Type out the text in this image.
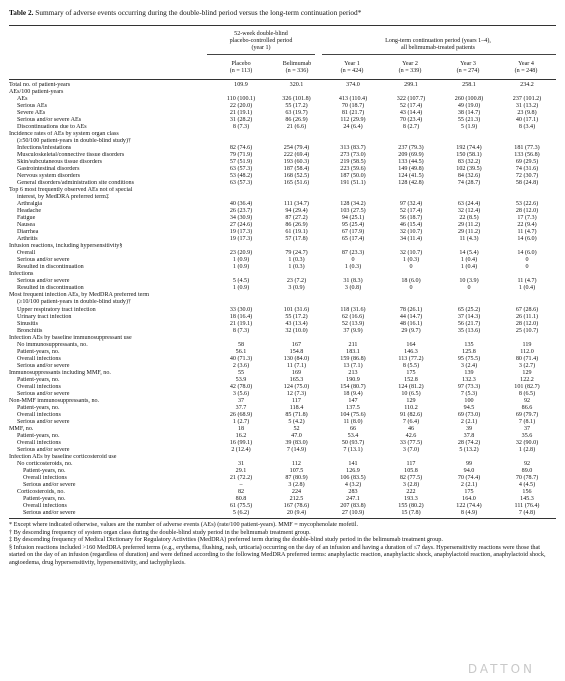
Table 2. Summary of adverse events occurring during the double-blind period versus the long-term continuation period*
52-week double-blind
placebo-controlled period
(year 1)
Long-term continuation period (years 1–4),
all belimumab-treated patients
Placebo
(n = 113)
Belimumab
(n = 336)
Year 1
(n = 424)
Year 2
(n = 339)
Year 3
(n = 274)
Year 4
(n = 248)
Total no. of patient-years	109.9	320.1	374.0	299.1	258.1	234.2
AEs/100 patient-years						
AEs	110 (100.1)	326 (101.8)	413 (110.4)	322 (107.7)	260 (100.8)	237 (101.2)
Serious AEs	22 (20.0)	55 (17.2)	70 (18.7)	52 (17.4)	49 (19.0)	31 (13.2)
Severe AEs	21 (19.1)	63 (19.7)	81 (21.7)	43 (14.4)	38 (14.7)	23 (9.8)
Serious and/or severe AEs	31 (28.2)	86 (26.9)	112 (29.9)	70 (23.4)	55 (21.3)	40 (17.1)
Discontinuations due to AEs	8 (7.3)	21 (6.6)	24 (6.4)	8 (2.7)	5 (1.9)	8 (3.4)
Incidence rates of AEs by system organ class						
(≥50/100 patient-years in double-blind study)†						
Infections/infestations	82 (74.6)	254 (79.4)	313 (83.7)	237 (79.3)	192 (74.4)	181 (77.3)
Musculoskeletal/connective tissue disorders	79 (71.9)	222 (69.4)	273 (73.0)	209 (69.9)	150 (58.1)	133 (56.8)
Skin/subcutaneous tissue disorders	57 (51.9)	193 (60.3)	219 (58.5)	133 (44.5)	83 (32.2)	69 (29.5)
Gastrointestinal disorders	63 (57.3)	187 (58.4)	223 (59.6)	149 (49.8)	102 (39.5)	74 (31.6)
Nervous system disorders	53 (48.2)	168 (52.5)	187 (50.0)	124 (41.5)	84 (32.6)	72 (30.7)
General disorders/administration site conditions	63 (57.3)	165 (51.6)	191 (51.1)	128 (42.8)	74 (28.7)	58 (24.8)
Top 6 most frequently observed AEs not of special						
interest, by MedDRA preferred term‡						
Arthralgia	40 (36.4)	111 (34.7)	128 (34.2)	97 (32.4)	63 (24.4)	53 (22.6)
Headache	26 (23.7)	94 (29.4)	103 (27.5)	52 (17.4)	32 (12.4)	28 (12.0)
Fatigue	34 (30.9)	87 (27.2)	94 (25.1)	56 (18.7)	22 (8.5)	17 (7.3)
Nausea	27 (24.6)	86 (26.9)	95 (25.4)	46 (15.4)	29 (11.2)	22 (9.4)
Diarrhea	19 (17.3)	61 (19.1)	67 (17.9)	32 (10.7)	29 (11.2)	11 (4.7)
Arthritis	19 (17.3)	57 (17.8)	65 (17.4)	34 (11.4)	11 (4.3)	14 (6.0)
Infusion reactions, including hypersensitivity§						
Overall	23 (20.9)	79 (24.7)	87 (23.3)	32 (10.7)	14 (5.4)	14 (6.0)
Serious and/or severe	1 (0.9)	1 (0.3)	0	1 (0.3)	1 (0.4)	0
Resulted in discontinuation	1 (0.9)	1 (0.3)	1 (0.3)	0	1 (0.4)	0
Infections						
Serious and/or severe	5 (4.5)	23 (7.2)	31 (8.3)	18 (6.0)	10 (3.9)	11 (4.7)
Resulted in discontinuation	1 (0.9)	3 (0.9)	3 (0.8)	0	0	1 (0.4)
Most frequent infection AEs, by MedDRA preferred term						
(≥10/100 patient-years in double-blind study)†						
Upper respiratory tract infection	33 (30.0)	101 (31.6)	118 (31.6)	78 (26.1)	65 (25.2)	67 (28.6)
Urinary tract infection	18 (16.4)	55 (17.2)	62 (16.6)	44 (14.7)	37 (14.3)	26 (11.1)
Sinusitis	21 (19.1)	43 (13.4)	52 (13.9)	48 (16.1)	56 (21.7)	28 (12.0)
Bronchitis	8 (7.3)	32 (10.0)	37 (9.9)	29 (9.7)	35 (13.6)	25 (10.7)
Infection AEs by baseline immunosuppressant use						
No immunosuppressants, no.	58	167	211	164	135	119
Patient-years, no.	56.1	154.8	183.1	146.3	125.8	112.0
Overall infections	40 (71.3)	130 (84.0)	159 (86.8)	113 (77.2)	95 (75.5)	80 (71.4)
Serious and/or severe	2 (3.6)	11 (7.1)	13 (7.1)	8 (5.5)	3 (2.4)	3 (2.7)
Immunosuppressants including MMF, no.	55	169	213	175	139	129
Patient-years, no.	53.9	165.3	190.9	152.8	132.3	122.2
Overall infections	42 (78.0)	124 (75.0)	154 (80.7)	124 (81.2)	97 (73.3)	101 (82.7)
Serious and/or severe	3 (5.6)	12 (7.3)	18 (9.4)	10 (6.5)	7 (5.3)	8 (6.5)
Non-MMF immunosuppressants, no.	37	117	147	129	100	92
Patient-years, no.	37.7	118.4	137.5	110.2	94.5	86.6
Overall infections	26 (68.9)	85 (71.8)	104 (75.6)	91 (82.6)	69 (73.0)	69 (79.7)
Serious and/or severe	1 (2.7)	5 (4.2)	11 (8.0)	7 (6.4)	2 (2.1)	7 (8.1)
MMF, no.	18	52	66	46	39	37
Patient-years, no.	16.2	47.0	53.4	42.6	37.8	35.6
Overall infections	16 (99.1)	39 (83.0)	50 (93.7)	33 (77.5)	28 (74.2)	32 (90.0)
Serious and/or severe	2 (12.4)	7 (14.9)	7 (13.1)	3 (7.0)	5 (13.2)	1 (2.8)
Infection AEs by baseline corticosteroid use						
No corticosteroids, no.	31	112	141	117	99	92
Patient-years, no.	29.1	107.5	126.9	105.8	94.0	89.0
Overall infections	21 (72.2)	87 (80.9)	106 (83.5)	82 (77.5)	70 (74.4)	70 (78.7)
Serious and/or severe	–	3 (2.8)	4 (3.2)	3 (2.8)	2 (2.1)	4 (4.5)
Corticosteroids, no.	82	224	283	222	175	156
Patient-years, no.	80.8	212.5	247.1	193.3	164.0	145.3
Overall infections	61 (75.5)	167 (78.6)	207 (83.8)	155 (80.2)	122 (74.4)	111 (76.4)
Serious and/or severe	5 (6.2)	20 (9.4)	27 (10.9)	15 (7.8)	8 (4.9)	7 (4.8)
* Except where indicated otherwise, values are the number of adverse events (AEs) (rate/100 patient-years). MMF = mycophenolate mofetil.
† By descending frequency of system organ class during the double-blind study period in the belimumab treatment group.
‡ By descending frequency of Medical Dictionary for Regulatory Activities (MedDRA) preferred term during the double-blind study period in the belimumab treatment group.
§ Infusion reactions included >160 MedDRA preferred terms (e.g., erythema, flushing, rash, urticaria) occurring on the day of an infusion and having a duration of ≤7 days. Hypersensitivity reactions were those that started on the day of an infusion (regardless of duration) and were defined according to the following MedDRA preferred terms: anaphylactic reaction, anaphylactic shock, anaphylactoid reaction, anaphylactoid shock, angioedema, drug hypersensitivity, hypersensitivity, and tachyphylaxis.
DATTON
